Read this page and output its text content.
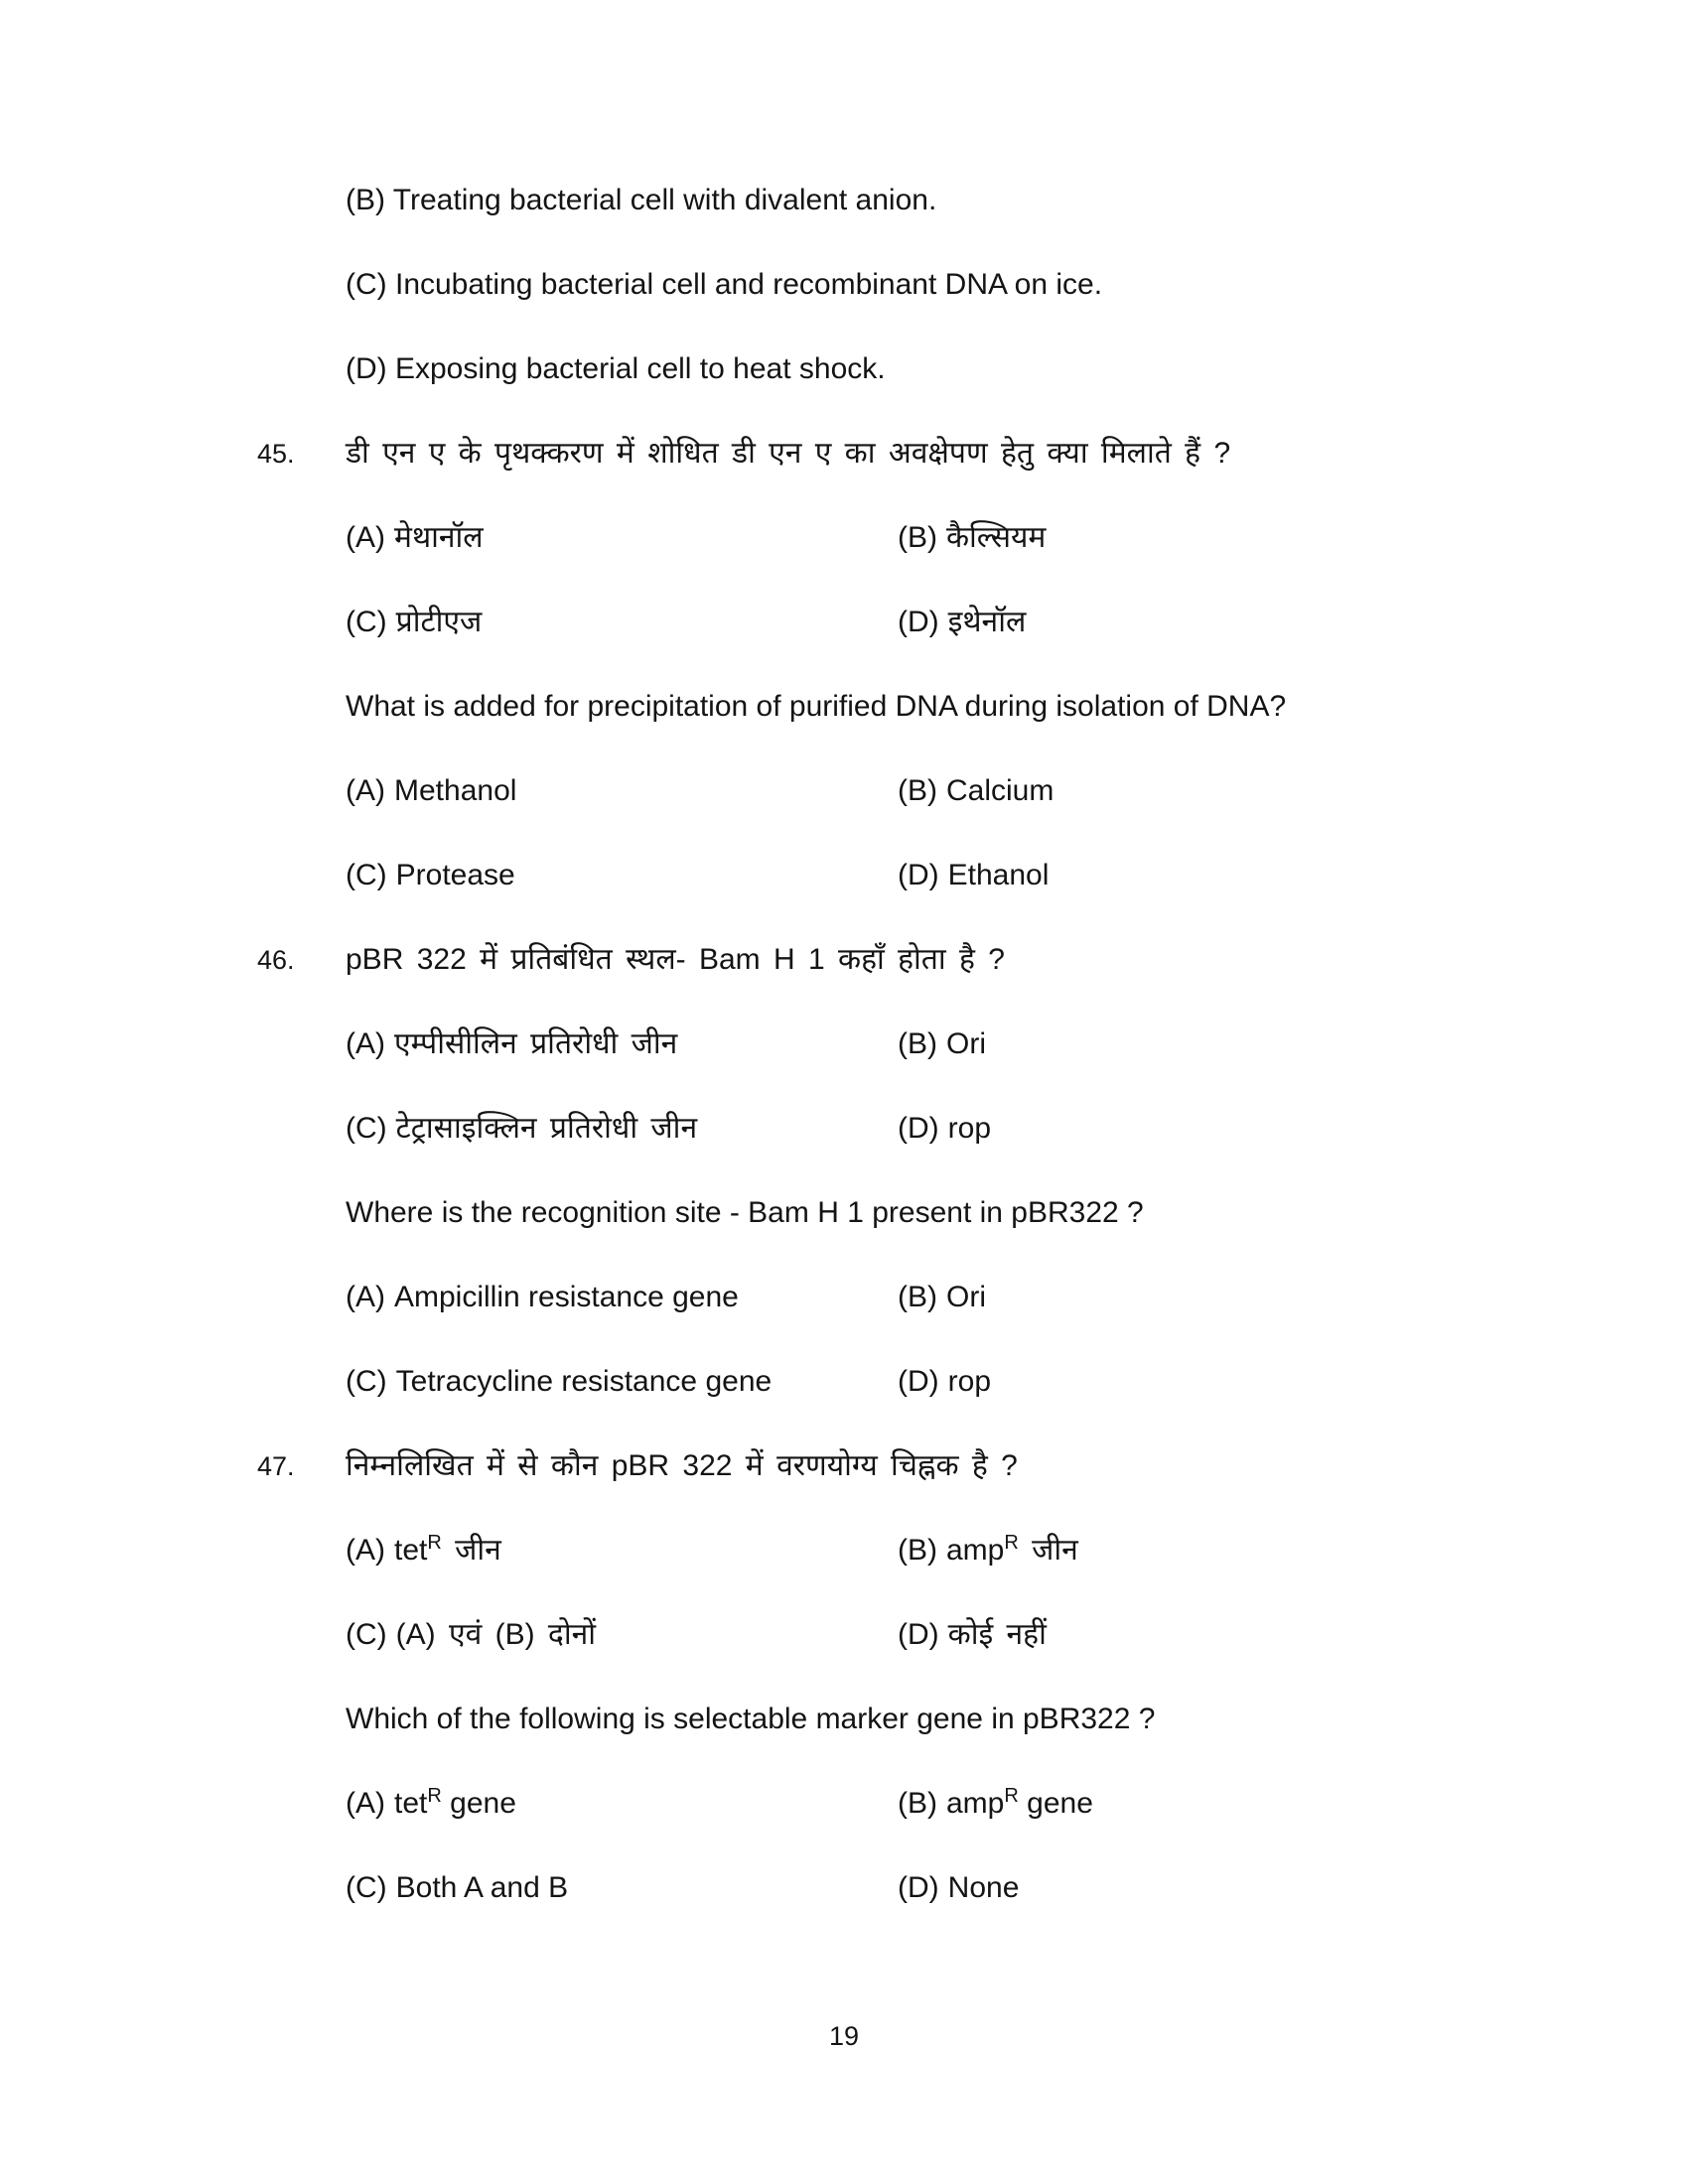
(B) Treating bacterial cell with divalent anion.
(C) Incubating bacterial cell and recombinant DNA on ice.
(D) Exposing bacterial cell to heat shock.
45.	डी एन ए के पृथक्करण में शोधित डी एन ए का अवक्षेपण हेतु क्या मिलाते हैं ?
(A) मेथानॉल	(B) कैल्सियम
(C) प्रोटीएज	(D) इथेनॉल
What is added for precipitation of purified DNA during isolation of DNA?
(A) Methanol	(B) Calcium
(C) Protease	(D) Ethanol
46.	pBR 322 में प्रतिबंधित स्थल- Bam H 1 कहाँ होता है ?
(A) एम्पीसीलिन प्रतिरोधी जीन	(B) Ori
(C) टेट्रासाइक्लिन प्रतिरोधी जीन	(D) rop
Where is the recognition site - Bam H 1 present in pBR322 ?
(A) Ampicillin resistance gene	(B) Ori
(C) Tetracycline resistance gene	(D) rop
47.	निम्नलिखित में से कौन pBR 322 में वरणयोग्य चिह्नक है ?
(A) tet$^R$ जीन	(B) amp$^R$ जीन
(C) (A) एवं (B) दोनों	(D) कोई नहीं
Which of the following is selectable marker gene in pBR322 ?
(A) tet$^R$ gene	(B) amp$^R$ gene
(C) Both A and B	(D) None
19
